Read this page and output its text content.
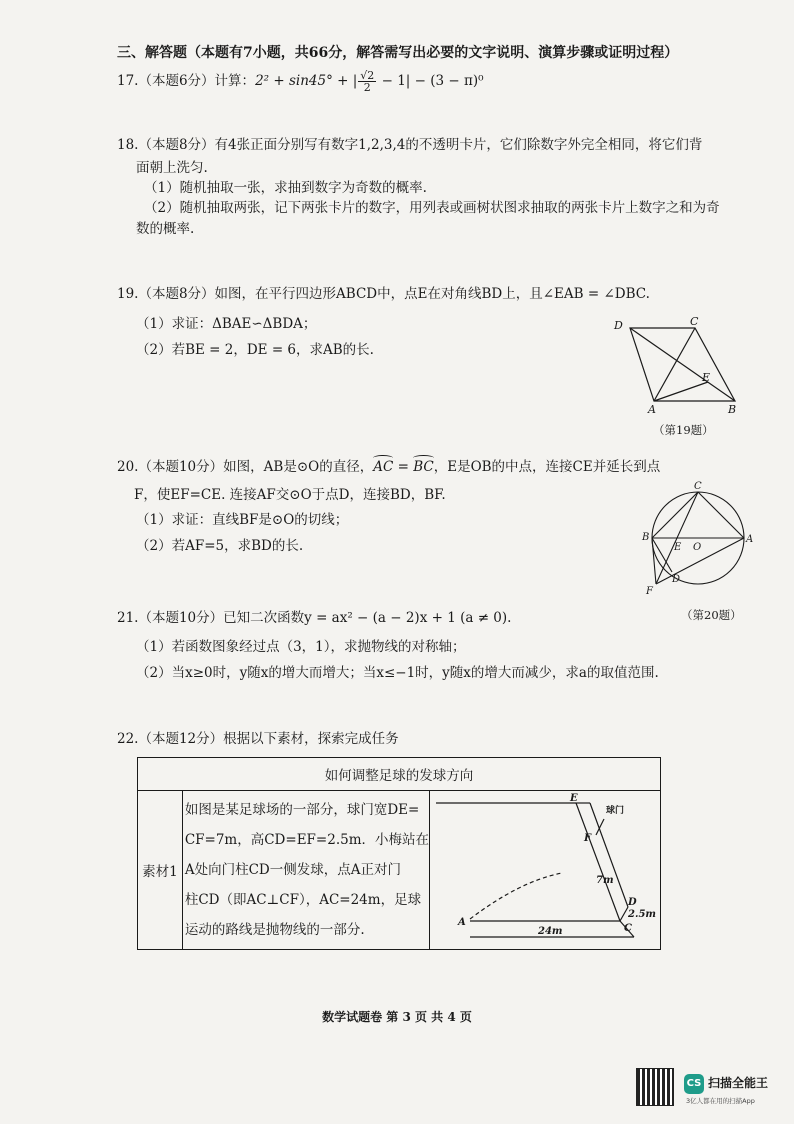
三、解答题（本题有7小题，共66分，解答需写出必要的文字说明、演算步骤或证明过程）
17.（本题6分）计算：2² + sin45° + | $\frac{√2}{2} - 1| - (3 - \pi)^0$
18.（本题8分）有4张正面分别写有数字1,2,3,4的不透明卡片，它们除数字外完全相同，将它们背
面朝上洗匀.
（1）随机抽取一张，求抽到数字为奇数的概率.
（2）随机抽取两张，记下两张卡片的数字，用列表或画树状图求抽取的两张卡片上数字之和为奇
数的概率.
19.（本题8分）如图，在平行四边形ABCD中，点E在对角线BD上，且∠EAB = ∠DBC.
（1）求证：ΔBAE∽ΔBDA；
（2）若BE = 2，DE = 6，求AB的长.
D	C
E
A	B
（第19题）
20.（本题10分）如图，AB是⊙O的直径，AC = BC，E是OB的中点，连接CE并延长到点
F，使EF=CE. 连接AF交⊙O于点D，连接BD，BF.
（1）求证：直线BF是⊙O的切线；
（2）若AF=5，求BD的长.
C
B
E O
A
D
F
（第20题）
21.（本题10分）已知二次函数y = ax² − (a − 2)x + 1 (a ≠ 0).
（1）若函数图象经过点（3，1），求抛物线的对称轴；
（2）当x≥0时，y随x的增大而增大；当x≤−1时，y随x的增大而减少，求a的取值范围.
22.（本题12分）根据以下素材，探索完成任务
如何调整足球的发球方向
素材1	
如图是某足球场的一部分，球门宽DE=
CF=7m，高CD=EF=2.5m．小梅站在
A处向门柱CD一侧发球，点A正对门
柱CD（即AC⊥CF），AC=24m，足球
运动的路线是抛物线的一部分.

E
F
7m
D
2.5m
C
A
24m
球门
数学试题卷 第 3 页 共 4 页
CS 扫描全能王
3亿人都在用的扫描App
